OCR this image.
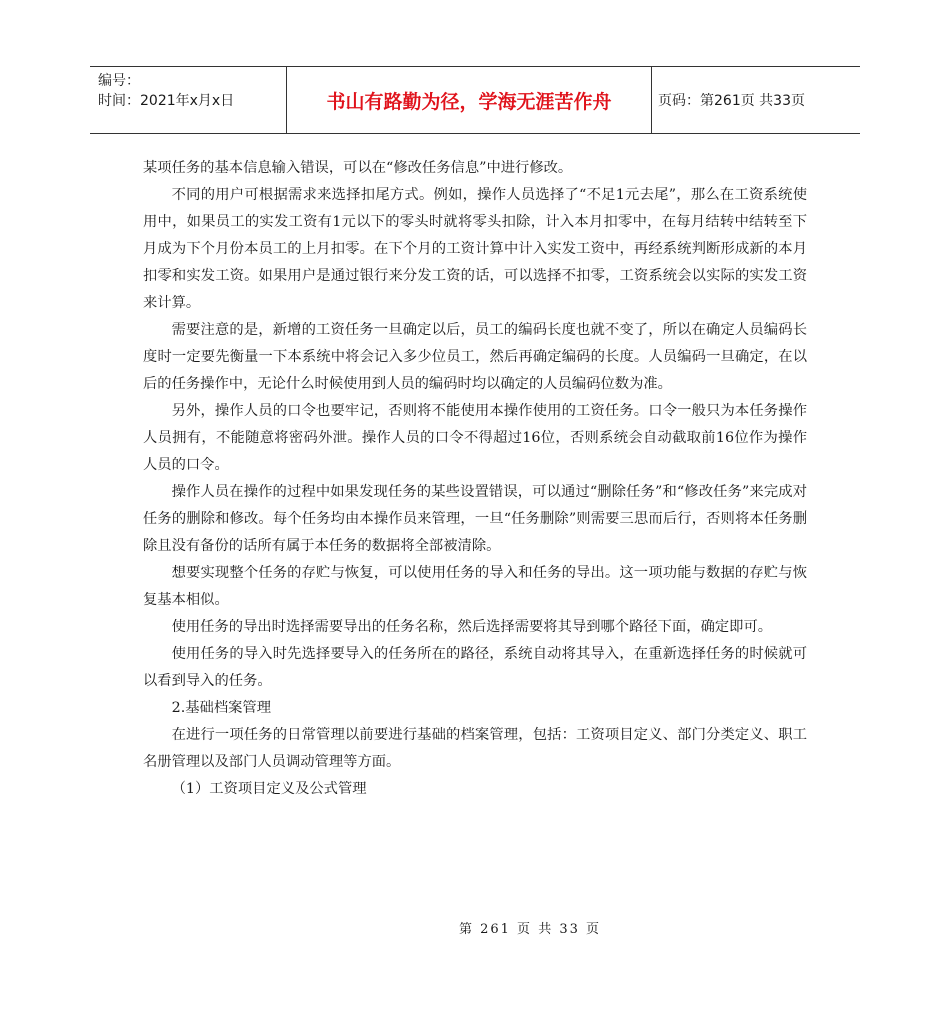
编号：
时间：2021年x月x日	书山有路勤为径，学海无涯苦作舟	页码：第261页 共33页

某项任务的基本信息输入错误，可以在“修改任务信息”中进行修改。

不同的用户可根据需求来选择扣尾方式。例如，操作人员选择了“不足1元去尾”，那么在工资系统使用中，如果员工的实发工资有1元以下的零头时就将零头扣除，计入本月扣零中，在每月结转中结转至下月成为下个月份本员工的上月扣零。在下个月的工资计算中计入实发工资中，再经系统判断形成新的本月扣零和实发工资。如果用户是通过银行来分发工资的话，可以选择不扣零，工资系统会以实际的实发工资来计算。

需要注意的是，新增的工资任务一旦确定以后，员工的编码长度也就不变了，所以在确定人员编码长度时一定要先衡量一下本系统中将会记入多少位员工，然后再确定编码的长度。人员编码一旦确定，在以后的任务操作中，无论什么时候使用到人员的编码时均以确定的人员编码位数为准。

另外，操作人员的口令也要牢记，否则将不能使用本操作使用的工资任务。口令一般只为本任务操作人员拥有，不能随意将密码外泄。操作人员的口令不得超过16位，否则系统会自动截取前16位作为操作人员的口令。

操作人员在操作的过程中如果发现任务的某些设置错误，可以通过“删除任务”和“修改任务”来完成对任务的删除和修改。每个任务均由本操作员来管理，一旦“任务删除”则需要三思而后行，否则将本任务删除且没有备份的话所有属于本任务的数据将全部被清除。

想要实现整个任务的存贮与恢复，可以使用任务的导入和任务的导出。这一项功能与数据的存贮与恢复基本相似。

使用任务的导出时选择需要导出的任务名称，然后选择需要将其导到哪个路径下面，确定即可。

使用任务的导入时先选择要导入的任务所在的路径，系统自动将其导入，在重新选择任务的时候就可以看到导入的任务。

2.基础档案管理

在进行一项任务的日常管理以前要进行基础的档案管理，包括：工资项目定义、部门分类定义、职工名册管理以及部门人员调动管理等方面。

（1）工资项目定义及公式管理

第 261 页 共 33 页
